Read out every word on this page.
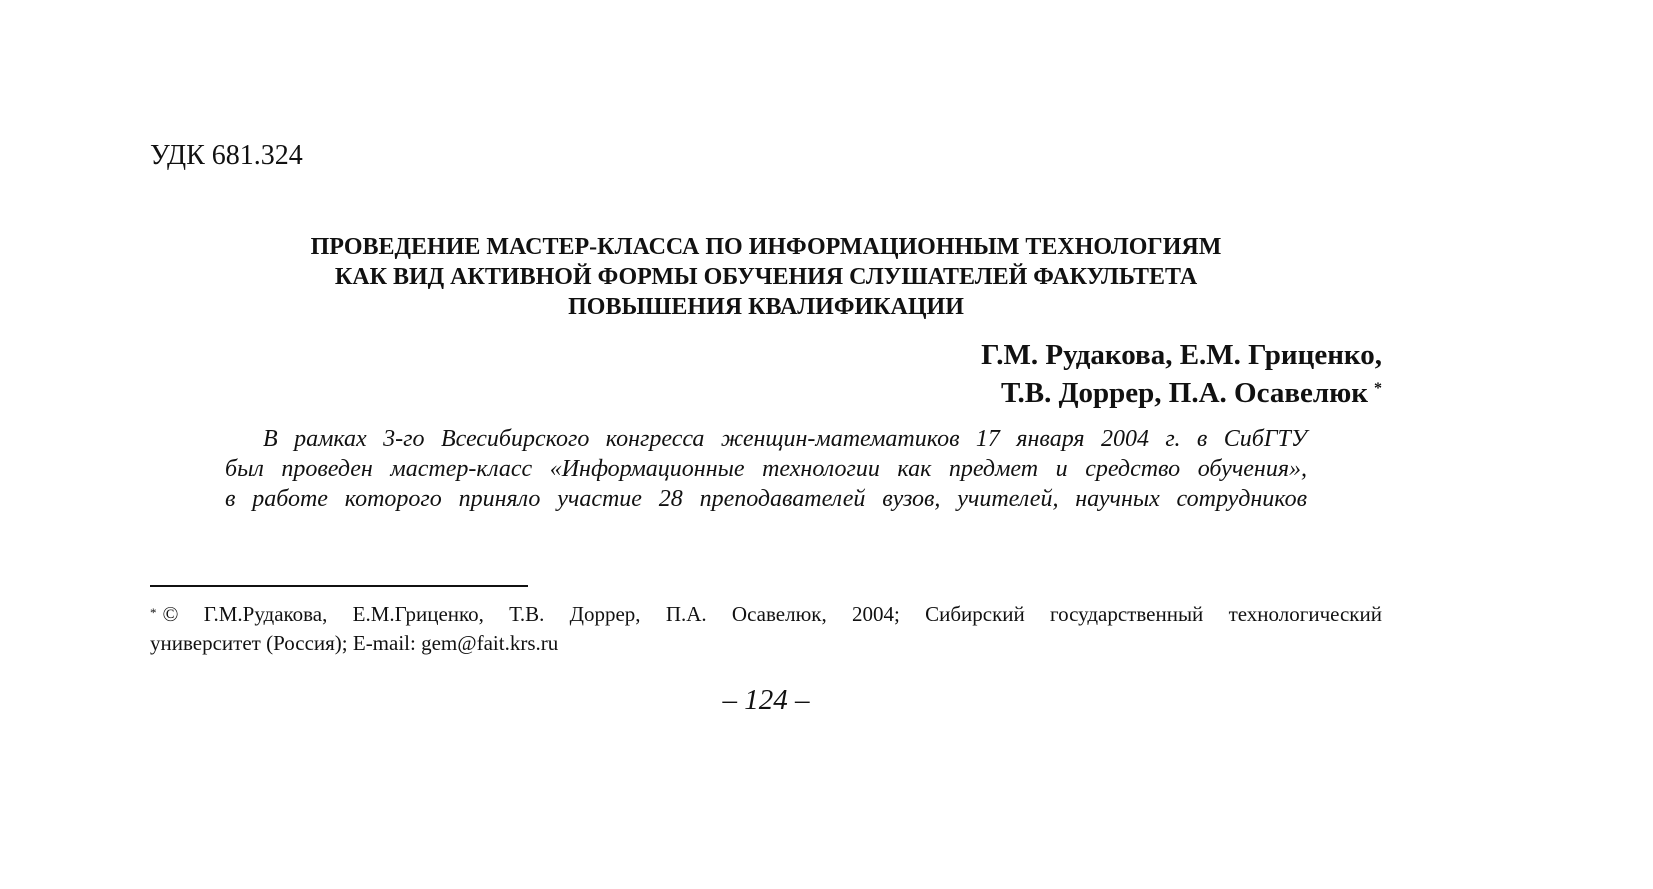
УДК 681.324
ПРОВЕДЕНИЕ МАСТЕР-КЛАССА ПО ИНФОРМАЦИОННЫМ ТЕХНОЛОГИЯМ
КАК ВИД АКТИВНОЙ ФОРМЫ ОБУЧЕНИЯ СЛУШАТЕЛЕЙ ФАКУЛЬТЕТА
ПОВЫШЕНИЯ КВАЛИФИКАЦИИ
Г.М. Рудакова, Е.М. Гриценко,
Т.В. Доррер, П.А. Осавелюк *
В рамках 3-го Всесибирского конгресса женщин-математиков 17 января 2004 г. в СибГТУ
был проведен мастер-класс «Информационные технологии как предмет и средство обучения»,
в работе которого приняло участие 28 преподавателей вузов, учителей, научных сотрудников
* © Г.М.Рудакова, Е.М.Гриценко, Т.В. Доррер, П.А. Осавелюк, 2004; Сибирский государственный технологический
университет (Россия); E-mail: gem@fait.krs.ru
– 124 –
